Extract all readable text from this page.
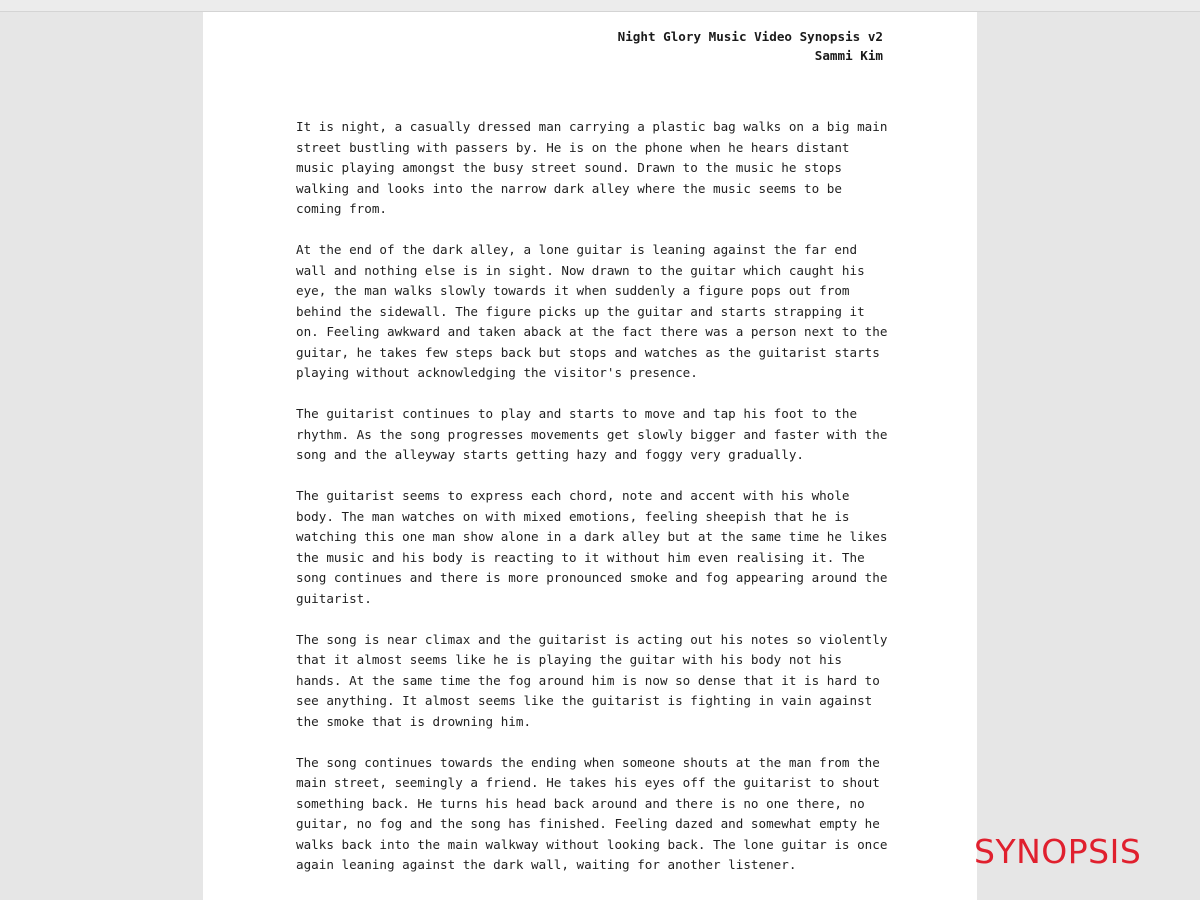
Night Glory Music Video Synopsis v2
Sammi Kim

It is night, a casually dressed man carrying a plastic bag walks on a big main
street bustling with passers by. He is on the phone when he hears distant
music playing amongst the busy street sound. Drawn to the music he stops
walking and looks into the narrow dark alley where the music seems to be
coming from.

At the end of the dark alley, a lone guitar is leaning against the far end
wall and nothing else is in sight. Now drawn to the guitar which caught his
eye, the man walks slowly towards it when suddenly a figure pops out from
behind the sidewall. The figure picks up the guitar and starts strapping it
on. Feeling awkward and taken aback at the fact there was a person next to the
guitar, he takes few steps back but stops and watches as the guitarist starts
playing without acknowledging the visitor's presence.

The guitarist continues to play and starts to move and tap his foot to the
rhythm. As the song progresses movements get slowly bigger and faster with the
song and the alleyway starts getting hazy and foggy very gradually.

The guitarist seems to express each chord, note and accent with his whole
body. The man watches on with mixed emotions, feeling sheepish that he is
watching this one man show alone in a dark alley but at the same time he likes
the music and his body is reacting to it without him even realising it. The
song continues and there is more pronounced smoke and fog appearing around the
guitarist.

The song is near climax and the guitarist is acting out his notes so violently
that it almost seems like he is playing the guitar with his body not his
hands. At the same time the fog around him is now so dense that it is hard to
see anything. It almost seems like the guitarist is fighting in vain against
the smoke that is drowning him.

The song continues towards the ending when someone shouts at the man from the
main street, seemingly a friend. He takes his eyes off the guitarist to shout
something back. He turns his head back around and there is no one there, no
guitar, no fog and the song has finished. Feeling dazed and somewhat empty he
walks back into the main walkway without looking back. The lone guitar is once
again leaning against the dark wall, waiting for another listener.	SYNOPSIS
